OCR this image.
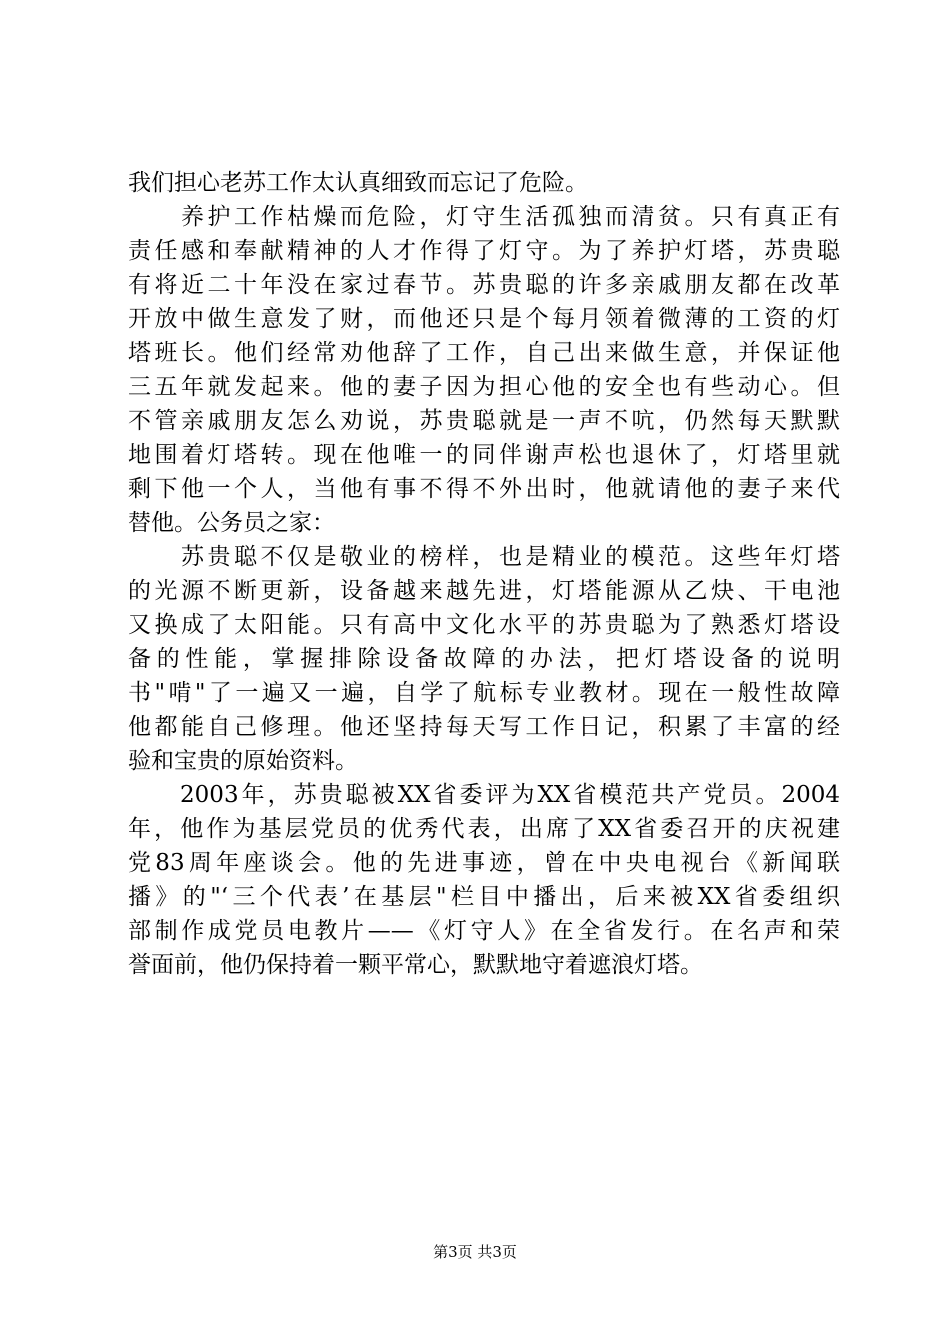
我们担心老苏工作太认真细致而忘记了危险。
　　养护工作枯燥而危险，灯守生活孤独而清贫。只有真正有
责任感和奉献精神的人才作得了灯守。为了养护灯塔，苏贵聪
有将近二十年没在家过春节。苏贵聪的许多亲戚朋友都在改革
开放中做生意发了财，而他还只是个每月领着微薄的工资的灯
塔班长。他们经常劝他辞了工作，自己出来做生意，并保证他
三五年就发起来。他的妻子因为担心他的安全也有些动心。但
不管亲戚朋友怎么劝说，苏贵聪就是一声不吭，仍然每天默默
地围着灯塔转。现在他唯一的同伴谢声松也退休了，灯塔里就
剩下他一个人，当他有事不得不外出时，他就请他的妻子来代
替他。公务员之家：
　　苏贵聪不仅是敬业的榜样，也是精业的模范。这些年灯塔
的光源不断更新，设备越来越先进，灯塔能源从乙炔、干电池
又换成了太阳能。只有高中文化水平的苏贵聪为了熟悉灯塔设
备的性能，掌握排除设备故障的办法，把灯塔设备的说明
书"啃"了一遍又一遍，自学了航标专业教材。现在一般性故障
他都能自己修理。他还坚持每天写工作日记，积累了丰富的经
验和宝贵的原始资料。
　　2003年，苏贵聪被XX省委评为XX省模范共产党员。2004
年，他作为基层党员的优秀代表，出席了XX省委召开的庆祝建
党83周年座谈会。他的先进事迹，曾在中央电视台《新闻联
播》的"‘三个代表’在基层"栏目中播出，后来被XX省委组织
部制作成党员电教片——《灯守人》在全省发行。在名声和荣
誉面前，他仍保持着一颗平常心，默默地守着遮浪灯塔。
第3页 共3页
